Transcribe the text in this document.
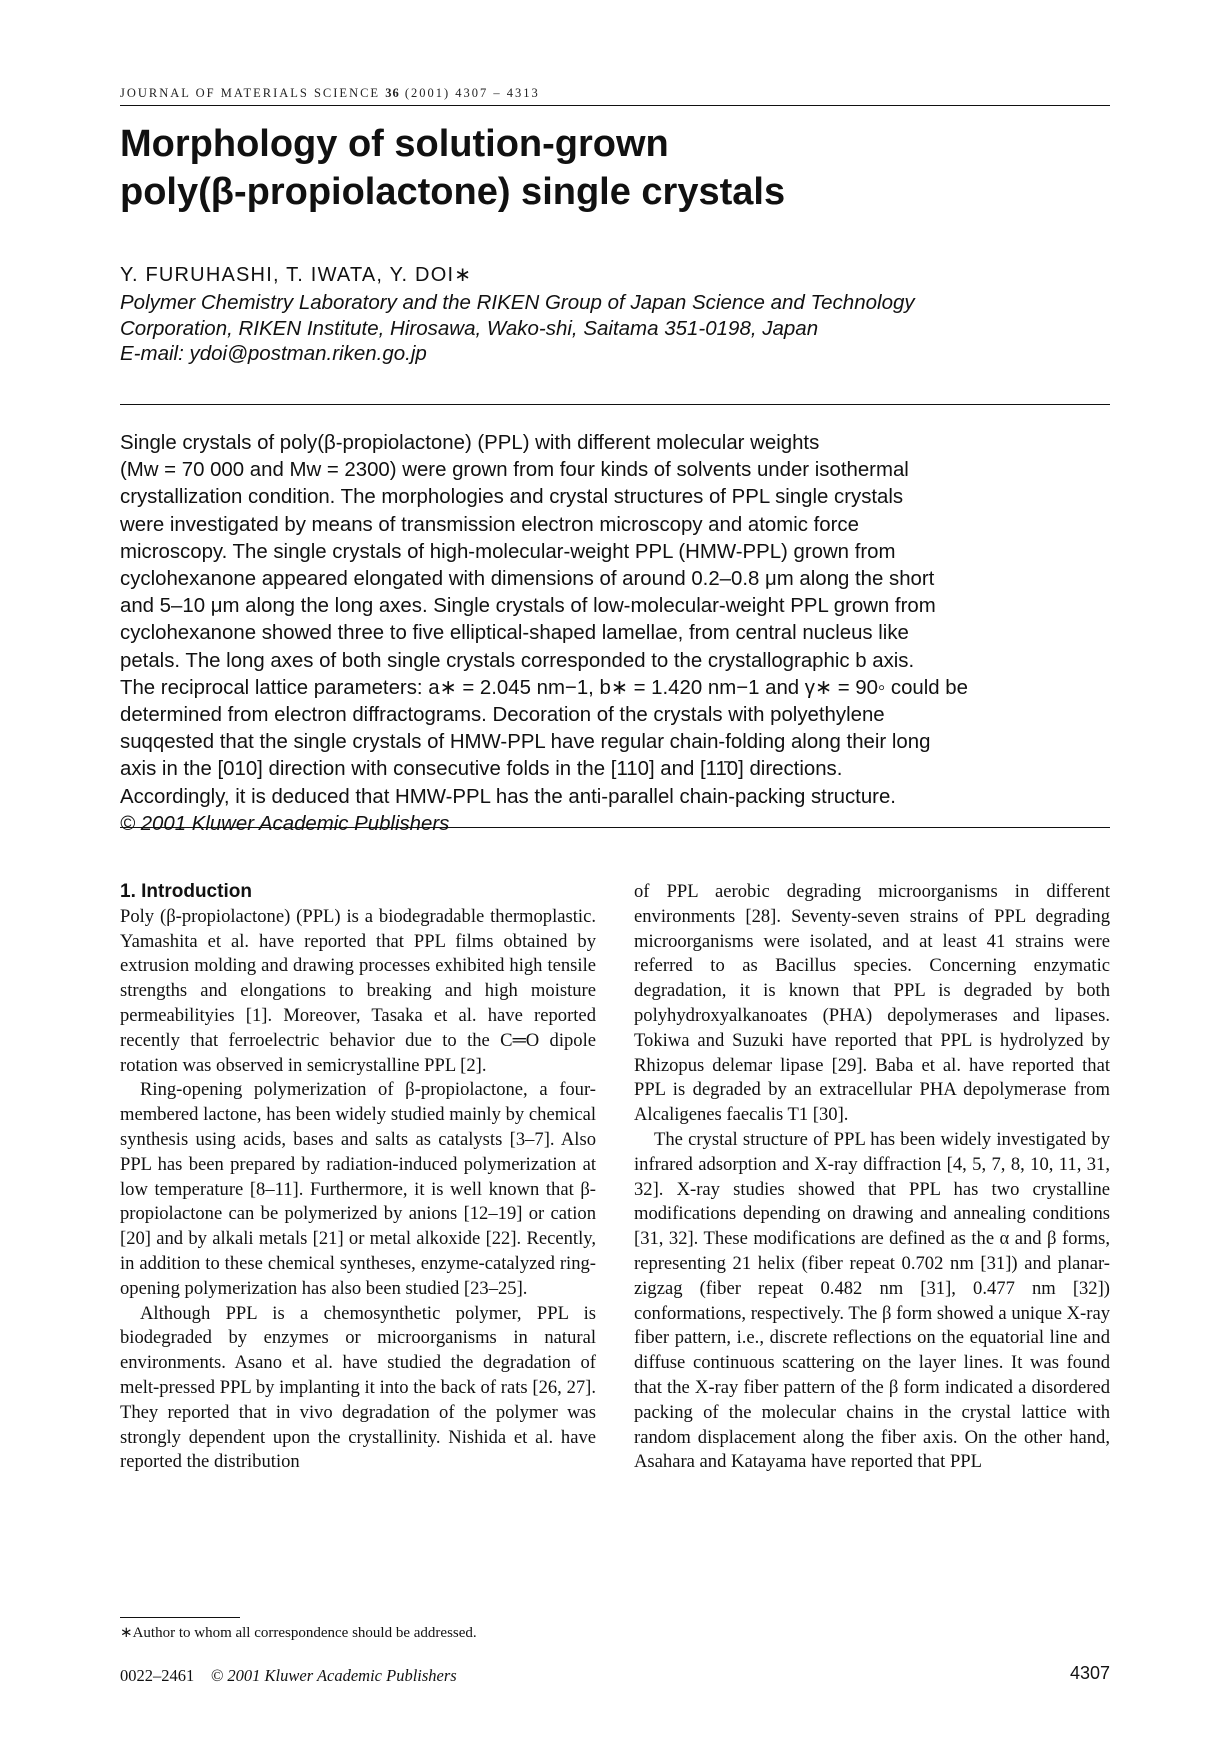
JOURNAL OF MATERIALS SCIENCE 36 (2001) 4307 – 4313
Morphology of solution-grown
poly(β-propiolactone) single crystals
Y. FURUHASHI, T. IWATA, Y. DOI∗
Polymer Chemistry Laboratory and the RIKEN Group of Japan Science and Technology
Corporation, RIKEN Institute, Hirosawa, Wako-shi, Saitama 351-0198, Japan
E-mail: ydoi@postman.riken.go.jp
Single crystals of poly(β-propiolactone) (PPL) with different molecular weights
(Mw = 70 000 and Mw = 2300) were grown from four kinds of solvents under isothermal
crystallization condition. The morphologies and crystal structures of PPL single crystals
were investigated by means of transmission electron microscopy and atomic force
microscopy. The single crystals of high-molecular-weight PPL (HMW-PPL) grown from
cyclohexanone appeared elongated with dimensions of around 0.2–0.8 μm along the short
and 5–10 μm along the long axes. Single crystals of low-molecular-weight PPL grown from
cyclohexanone showed three to five elliptical-shaped lamellae, from central nucleus like
petals. The long axes of both single crystals corresponded to the crystallographic b axis.
The reciprocal lattice parameters: a∗ = 2.045 nm−1, b∗ = 1.420 nm−1 and γ∗ = 90◦ could be
determined from electron diffractograms. Decoration of the crystals with polyethylene
suqqested that the single crystals of HMW-PPL have regular chain-folding along their long
axis in the [010] direction with consecutive folds in the [110] and [11̄0] directions.
Accordingly, it is deduced that HMW-PPL has the anti-parallel chain-packing structure.
© 2001 Kluwer Academic Publishers
1. Introduction

Poly (β-propiolactone) (PPL) is a biodegradable thermoplastic. Yamashita et al. have reported that PPL films obtained by extrusion molding and drawing processes exhibited high tensile strengths and elongations to breaking and high moisture permeabilityies [1]. Moreover, Tasaka et al. have reported recently that ferroelectric behavior due to the C═O dipole rotation was observed in semicrystalline PPL [2].

Ring-opening polymerization of β-propiolactone, a four-membered lactone, has been widely studied mainly by chemical synthesis using acids, bases and salts as catalysts [3–7]. Also PPL has been prepared by radiation-induced polymerization at low temperature [8–11]. Furthermore, it is well known that β-propiolactone can be polymerized by anions [12–19] or cation [20] and by alkali metals [21] or metal alkoxide [22]. Recently, in addition to these chemical syntheses, enzyme-catalyzed ring-opening polymerization has also been studied [23–25].

Although PPL is a chemosynthetic polymer, PPL is biodegraded by enzymes or microorganisms in natural environments. Asano et al. have studied the degradation of melt-pressed PPL by implanting it into the back of rats [26, 27]. They reported that in vivo degradation of the polymer was strongly dependent upon the crystallinity. Nishida et al. have reported the distribution

of PPL aerobic degrading microorganisms in different environments [28]. Seventy-seven strains of PPL degrading microorganisms were isolated, and at least 41 strains were referred to as Bacillus species. Concerning enzymatic degradation, it is known that PPL is degraded by both polyhydroxyalkanoates (PHA) depolymerases and lipases. Tokiwa and Suzuki have reported that PPL is hydrolyzed by Rhizopus delemar lipase [29]. Baba et al. have reported that PPL is degraded by an extracellular PHA depolymerase from Alcaligenes faecalis T1 [30].

The crystal structure of PPL has been widely investigated by infrared adsorption and X-ray diffraction [4, 5, 7, 8, 10, 11, 31, 32]. X-ray studies showed that PPL has two crystalline modifications depending on drawing and annealing conditions [31, 32]. These modifications are defined as the α and β forms, representing 21 helix (fiber repeat 0.702 nm [31]) and planar-zigzag (fiber repeat 0.482 nm [31], 0.477 nm [32]) conformations, respectively. The β form showed a unique X-ray fiber pattern, i.e., discrete reflections on the equatorial line and diffuse continuous scattering on the layer lines. It was found that the X-ray fiber pattern of the β form indicated a disordered packing of the molecular chains in the crystal lattice with random displacement along the fiber axis. On the other hand, Asahara and Katayama have reported that PPL

∗Author to whom all correspondence should be addressed.
0022–2461 © 2001 Kluwer Academic Publishers	4307
